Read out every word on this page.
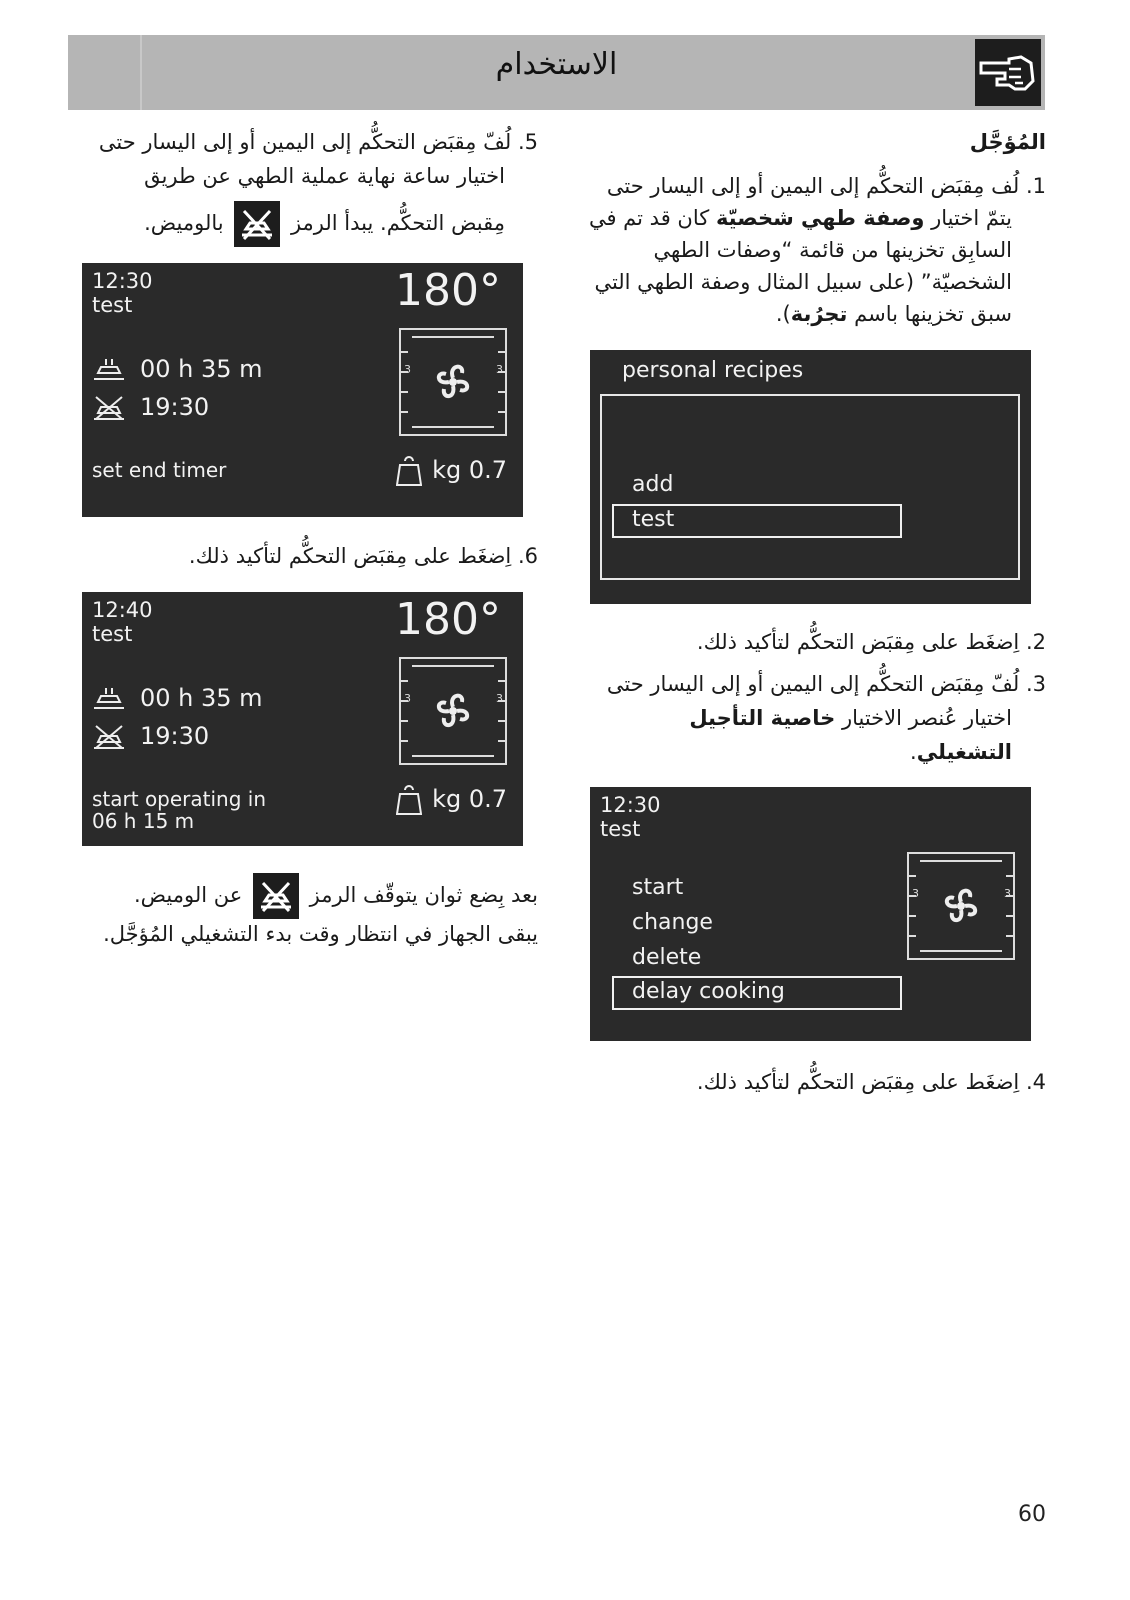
الاستخدام
5. لُفّ مِقبَض التحكُّم إلى اليمين أو إلى اليسار حتى
اختيار ساعة نهاية عملية الطهي عن طريق
مِقبض التحكُّم. يبدأ الرمز  بالوميض.
12:30
test	180°
3	3
00 h 35 m
19:30
set end timer	kg 0.7
6. اِضغَط على مِقبَض التحكُّم لتأكيد ذلك.
12:40
test	180°
3	3
00 h 35 m
19:30
start operating in
06 h 15 m
kg 0.7
بعد بِضع ثوان يتوقّف الرمز  عن الوميض.
يبقى الجهاز في انتظار وقت بدء التشغيلي المُؤجَّل.
المُؤجَّل
1. لُف مِقبَض التحكُّم إلى اليمين أو إلى اليسار حتى
يتمّ اختيار وصفة طهي شخصيّة كان قد تم في
السابِق تخزينها من قائمة “وصفات الطهي
الشخصيّة” (على سبيل المثال وصفة الطهي التي
سبق تخزينها باسم تجرُبة).
personal recipes
add
test
2. اِضغَط على مِقبَض التحكُّم لتأكيد ذلك.
3. لُفّ مِقبَض التحكُّم إلى اليمين أو إلى اليسار حتى
اختيار عُنصر الاختيار خاصية التأجيل
التشغيلي.
12:30
test
3	3
start
change
delete
delay cooking
4. اِضغَط على مِقبَض التحكُّم لتأكيد ذلك.
60
